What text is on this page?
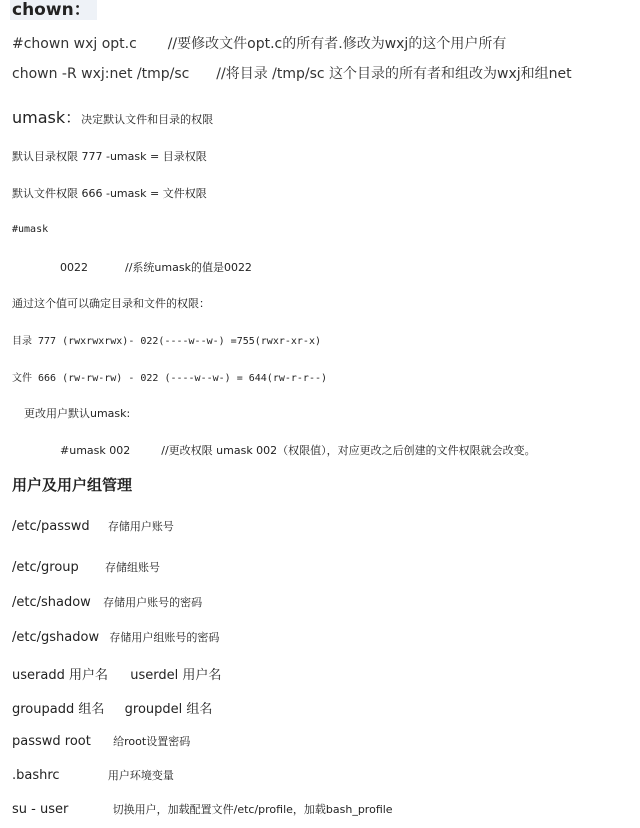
chown：
#chown wxj opt.c //要修改文件opt.c的所有者.修改为wxj的这个用户所有
chown -R wxj:net /tmp/sc //将目录 /tmp/sc 这个目录的所有者和组改为wxj和组net
umask：决定默认文件和目录的权限
默认目录权限 777 -umask = 目录权限
默认文件权限 666 -umask = 文件权限
#umask
0022	//系统umask的值是0022
通过这个值可以确定目录和文件的权限：
目录 777 (rwxrwxrwx)- 022(----w--w-) =755(rwxr-xr-x)
文件 666 (rw-rw-rw) - 022 (----w--w-) = 644(rw-r-r--)
更改用户默认umask:
#umask 002	//更改权限 umask 002（权限值），对应更改之后创建的文件权限就会改变。
用户及用户组管理
/etc/passwd 存储用户账号
/etc/group 存储组账号
/etc/shadow 存储用户账号的密码
/etc/gshadow 存储用户组账号的密码
useradd 用户名 userdel 用户名
groupadd 组名 groupdel 组名
passwd root 给root设置密码
.bashrc	用户环境变量
su - user	切换用户，加载配置文件/etc/profile，加载bash_profile
